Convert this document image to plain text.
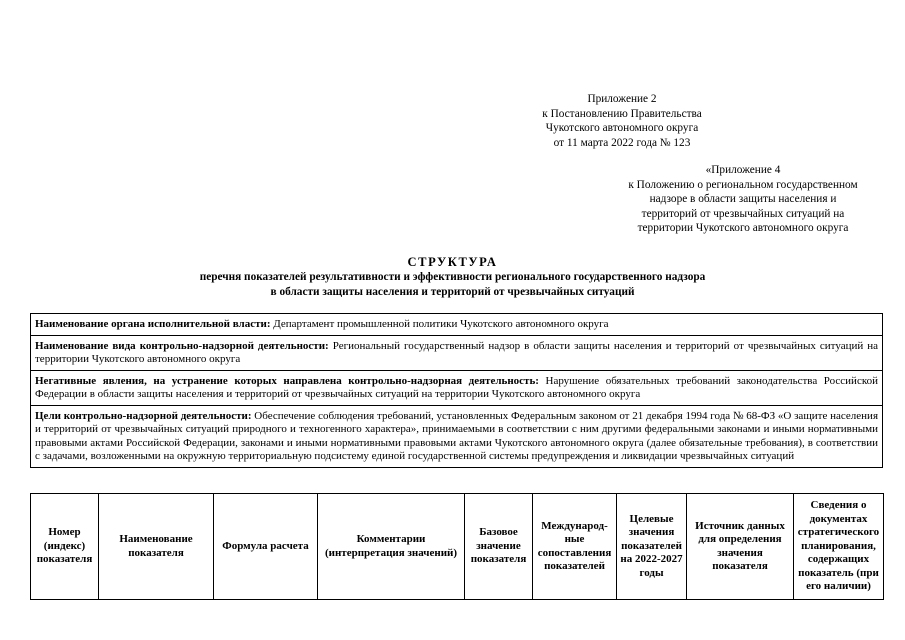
Приложение 2
к Постановлению Правительства
Чукотского автономного округа
от 11 марта 2022 года № 123
«Приложение 4
к Положению о региональном государственном
надзоре в области защиты населения и
территорий от чрезвычайных ситуаций на
территории Чукотского автономного округа
СТРУКТУРА
перечня показателей результативности и эффективности регионального государственного надзора
в области защиты населения и территорий от чрезвычайных ситуаций
Наименование органа исполнительной власти: Департамент промышленной политики Чукотского автономного округа
Наименование вида контрольно-надзорной деятельности: Региональный государственный надзор в области защиты населения и территорий от чрезвычайных ситуаций на территории Чукотского автономного округа
Негативные явления, на устранение которых направлена контрольно-надзорная деятельность: Нарушение обязательных требований законодательства Российской Федерации в области защиты населения и территорий от чрезвычайных ситуаций на территории Чукотского автономного округа
Цели контрольно-надзорной деятельности: Обеспечение соблюдения требований, установленных Федеральным законом от 21 декабря 1994 года № 68-ФЗ «О защите населения и территорий от чрезвычайных ситуаций природного и техногенного характера», принимаемыми в соответствии с ним другими федеральными законами и иными нормативными правовыми актами Российской Федерации, законами и иными нормативными правовыми актами Чукотского автономного округа (далее обязательные требования), в соответствии с задачами, возложенными на окружную территориальную подсистему единой государственной системы предупреждения и ликвидации чрезвычайных ситуаций
Номер (индекс) показателя	Наименование показателя	Формула расчета	Комментарии (интерпретация значений)	Базовое значение показателя	Международ-ные сопоставления показателей	Целевые значения показателей на 2022-2027 годы	Источник данных для определения значения показателя	Сведения о документах стратегического планирования, содержащих показатель (при его наличии)
